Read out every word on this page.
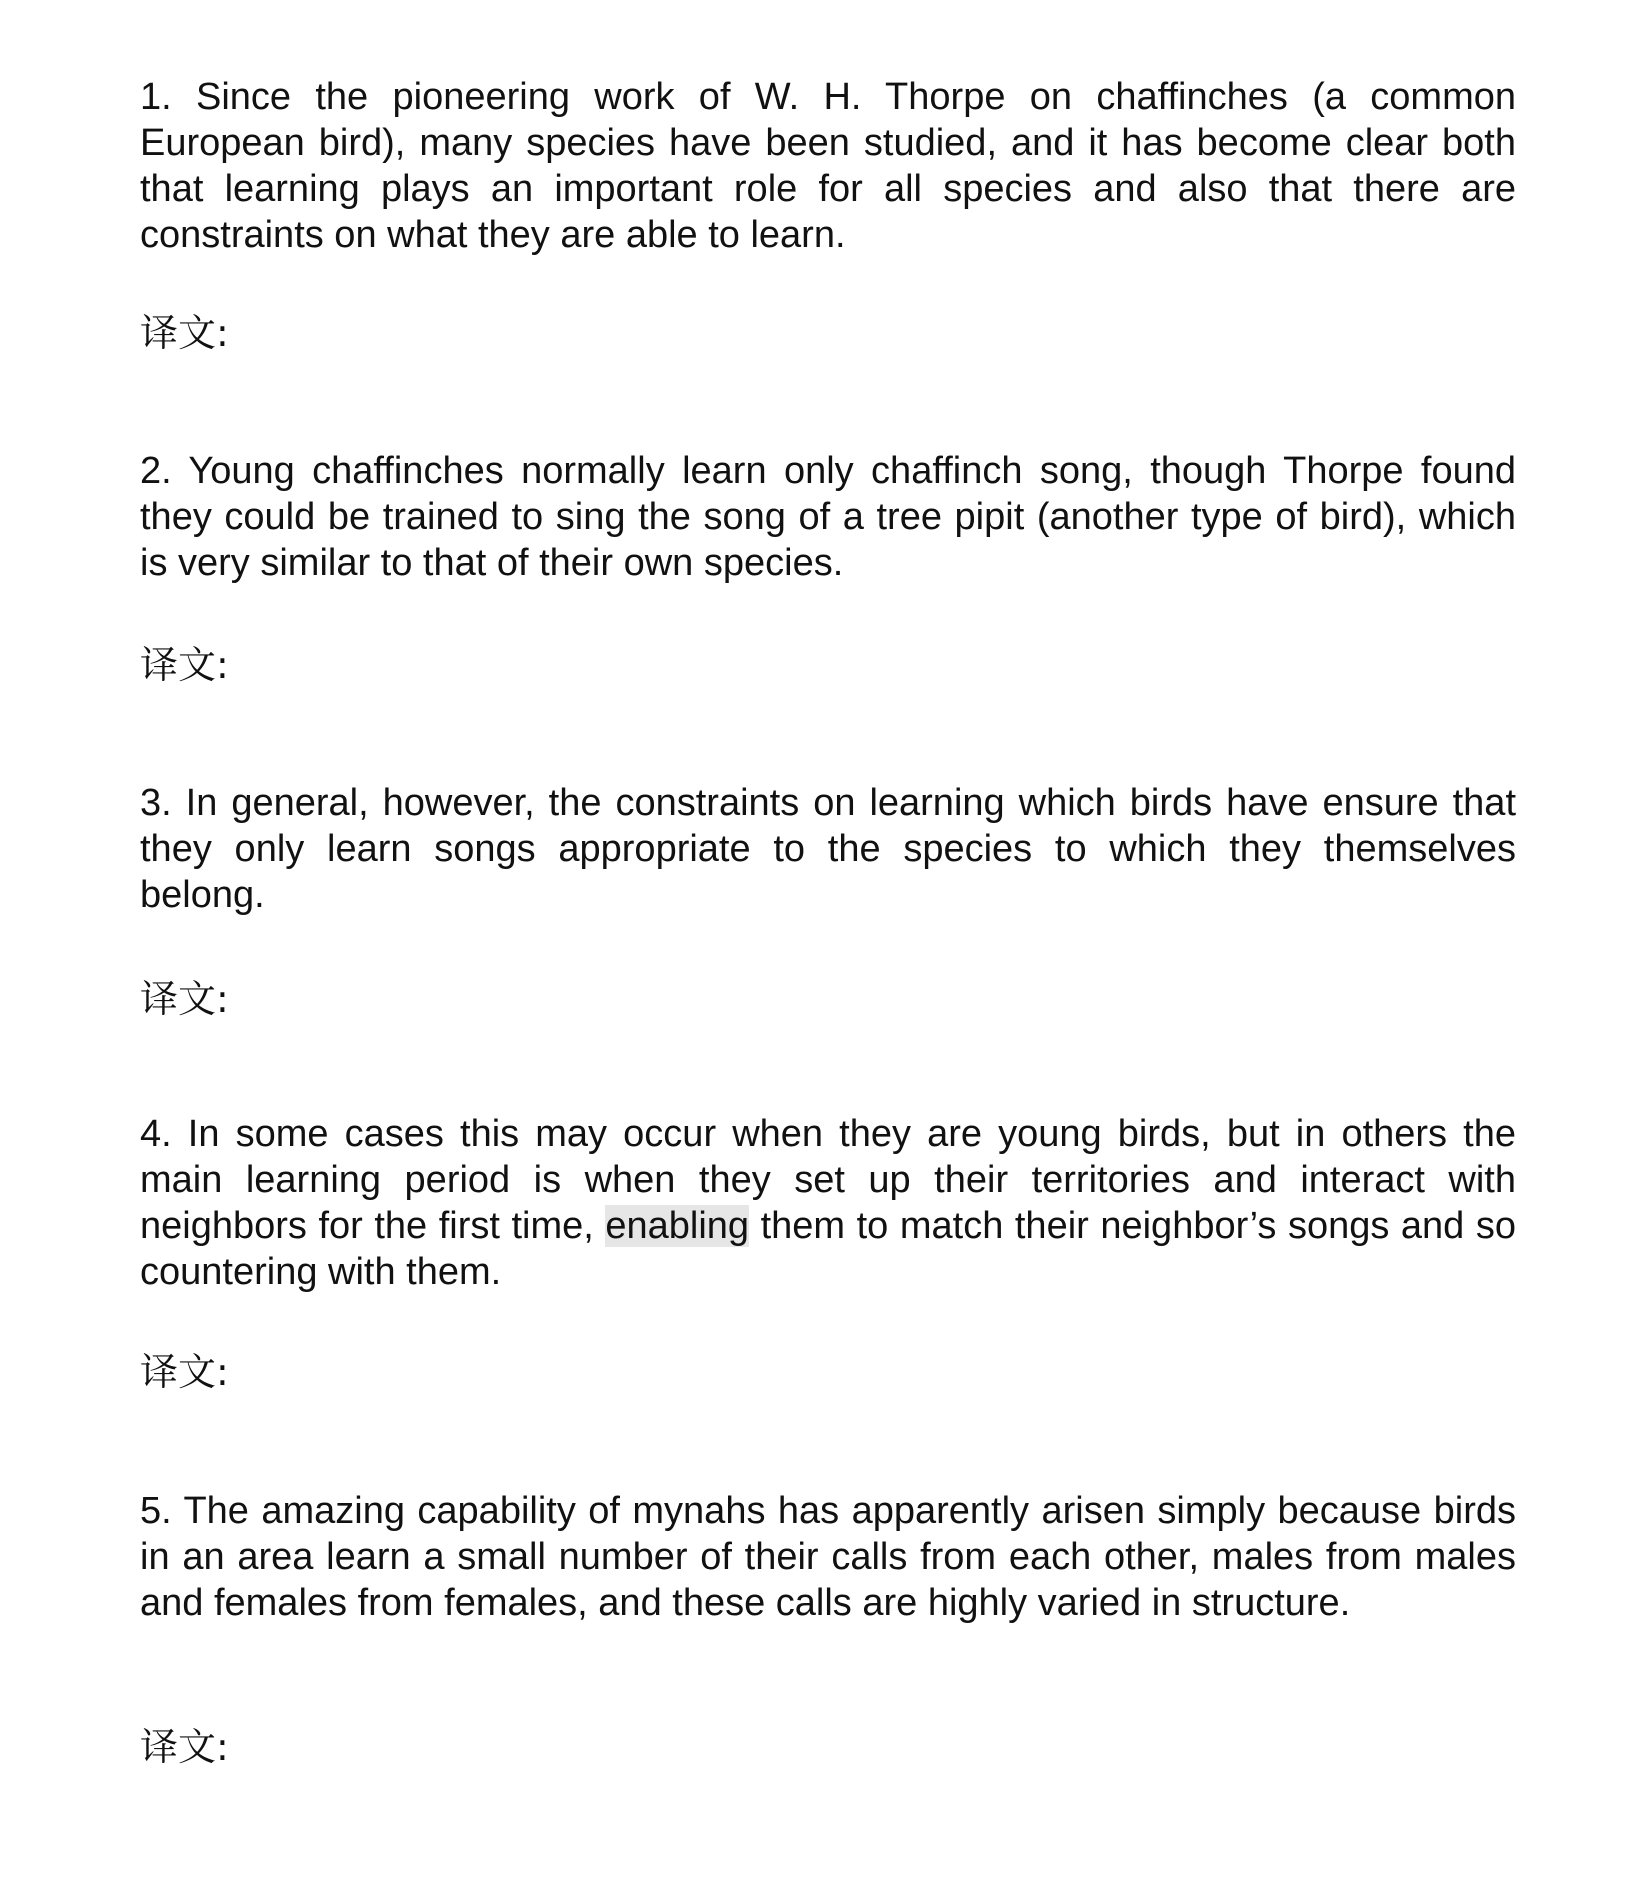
1. Since the pioneering work of W. H. Thorpe on chaffinches (a common European bird), many species have been studied, and it has become clear both that learning plays an important role for all species and also that there are constraints on what they are able to learn.

译文:

2. Young chaffinches normally learn only chaffinch song, though Thorpe found they could be trained to sing the song of a tree pipit (another type of bird), which is very similar to that of their own species.

译文:

3. In general, however, the constraints on learning which birds have ensure that they only learn songs appropriate to the species to which they themselves belong.

译文:

4. In some cases this may occur when they are young birds, but in others the main learning period is when they set up their territories and interact with neighbors for the first time, enabling them to match their neighbor’s songs and so countering with them.

译文:

5. The amazing capability of mynahs has apparently arisen simply because birds in an area learn a small number of their calls from each other, males from males and females from females, and these calls are highly varied in structure.

译文:
